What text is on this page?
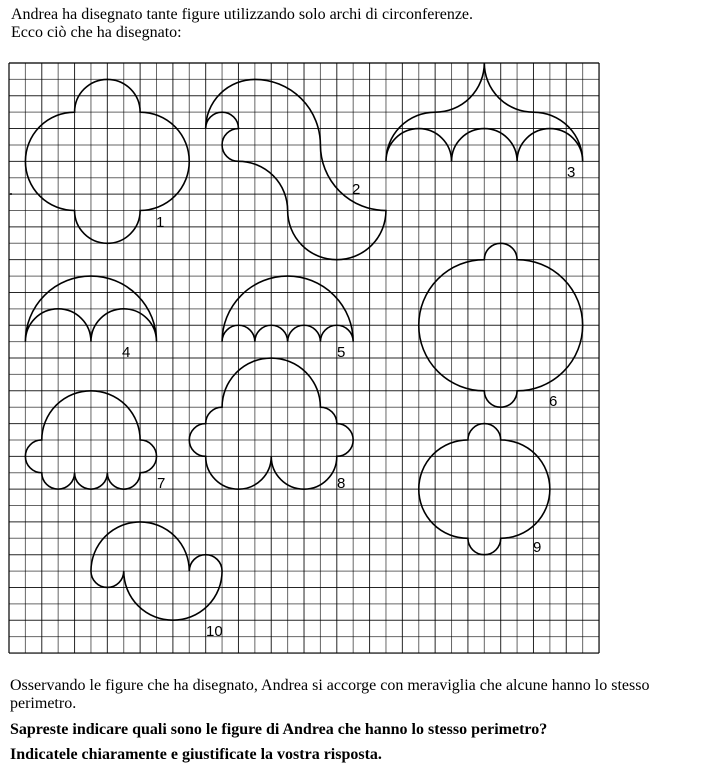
Andrea ha disegnato tante figure utilizzando solo archi di circonferenze.
Ecco ciò che ha disegnato:
1
2
3
4	5
6
7	8
9
10
Osservando le figure che ha disegnato, Andrea si accorge con meraviglia che alcune hanno lo stesso
perimetro.
Sapreste indicare quali sono le figure di Andrea che hanno lo stesso perimetro?
Indicatele chiaramente e giustificate la vostra risposta.
